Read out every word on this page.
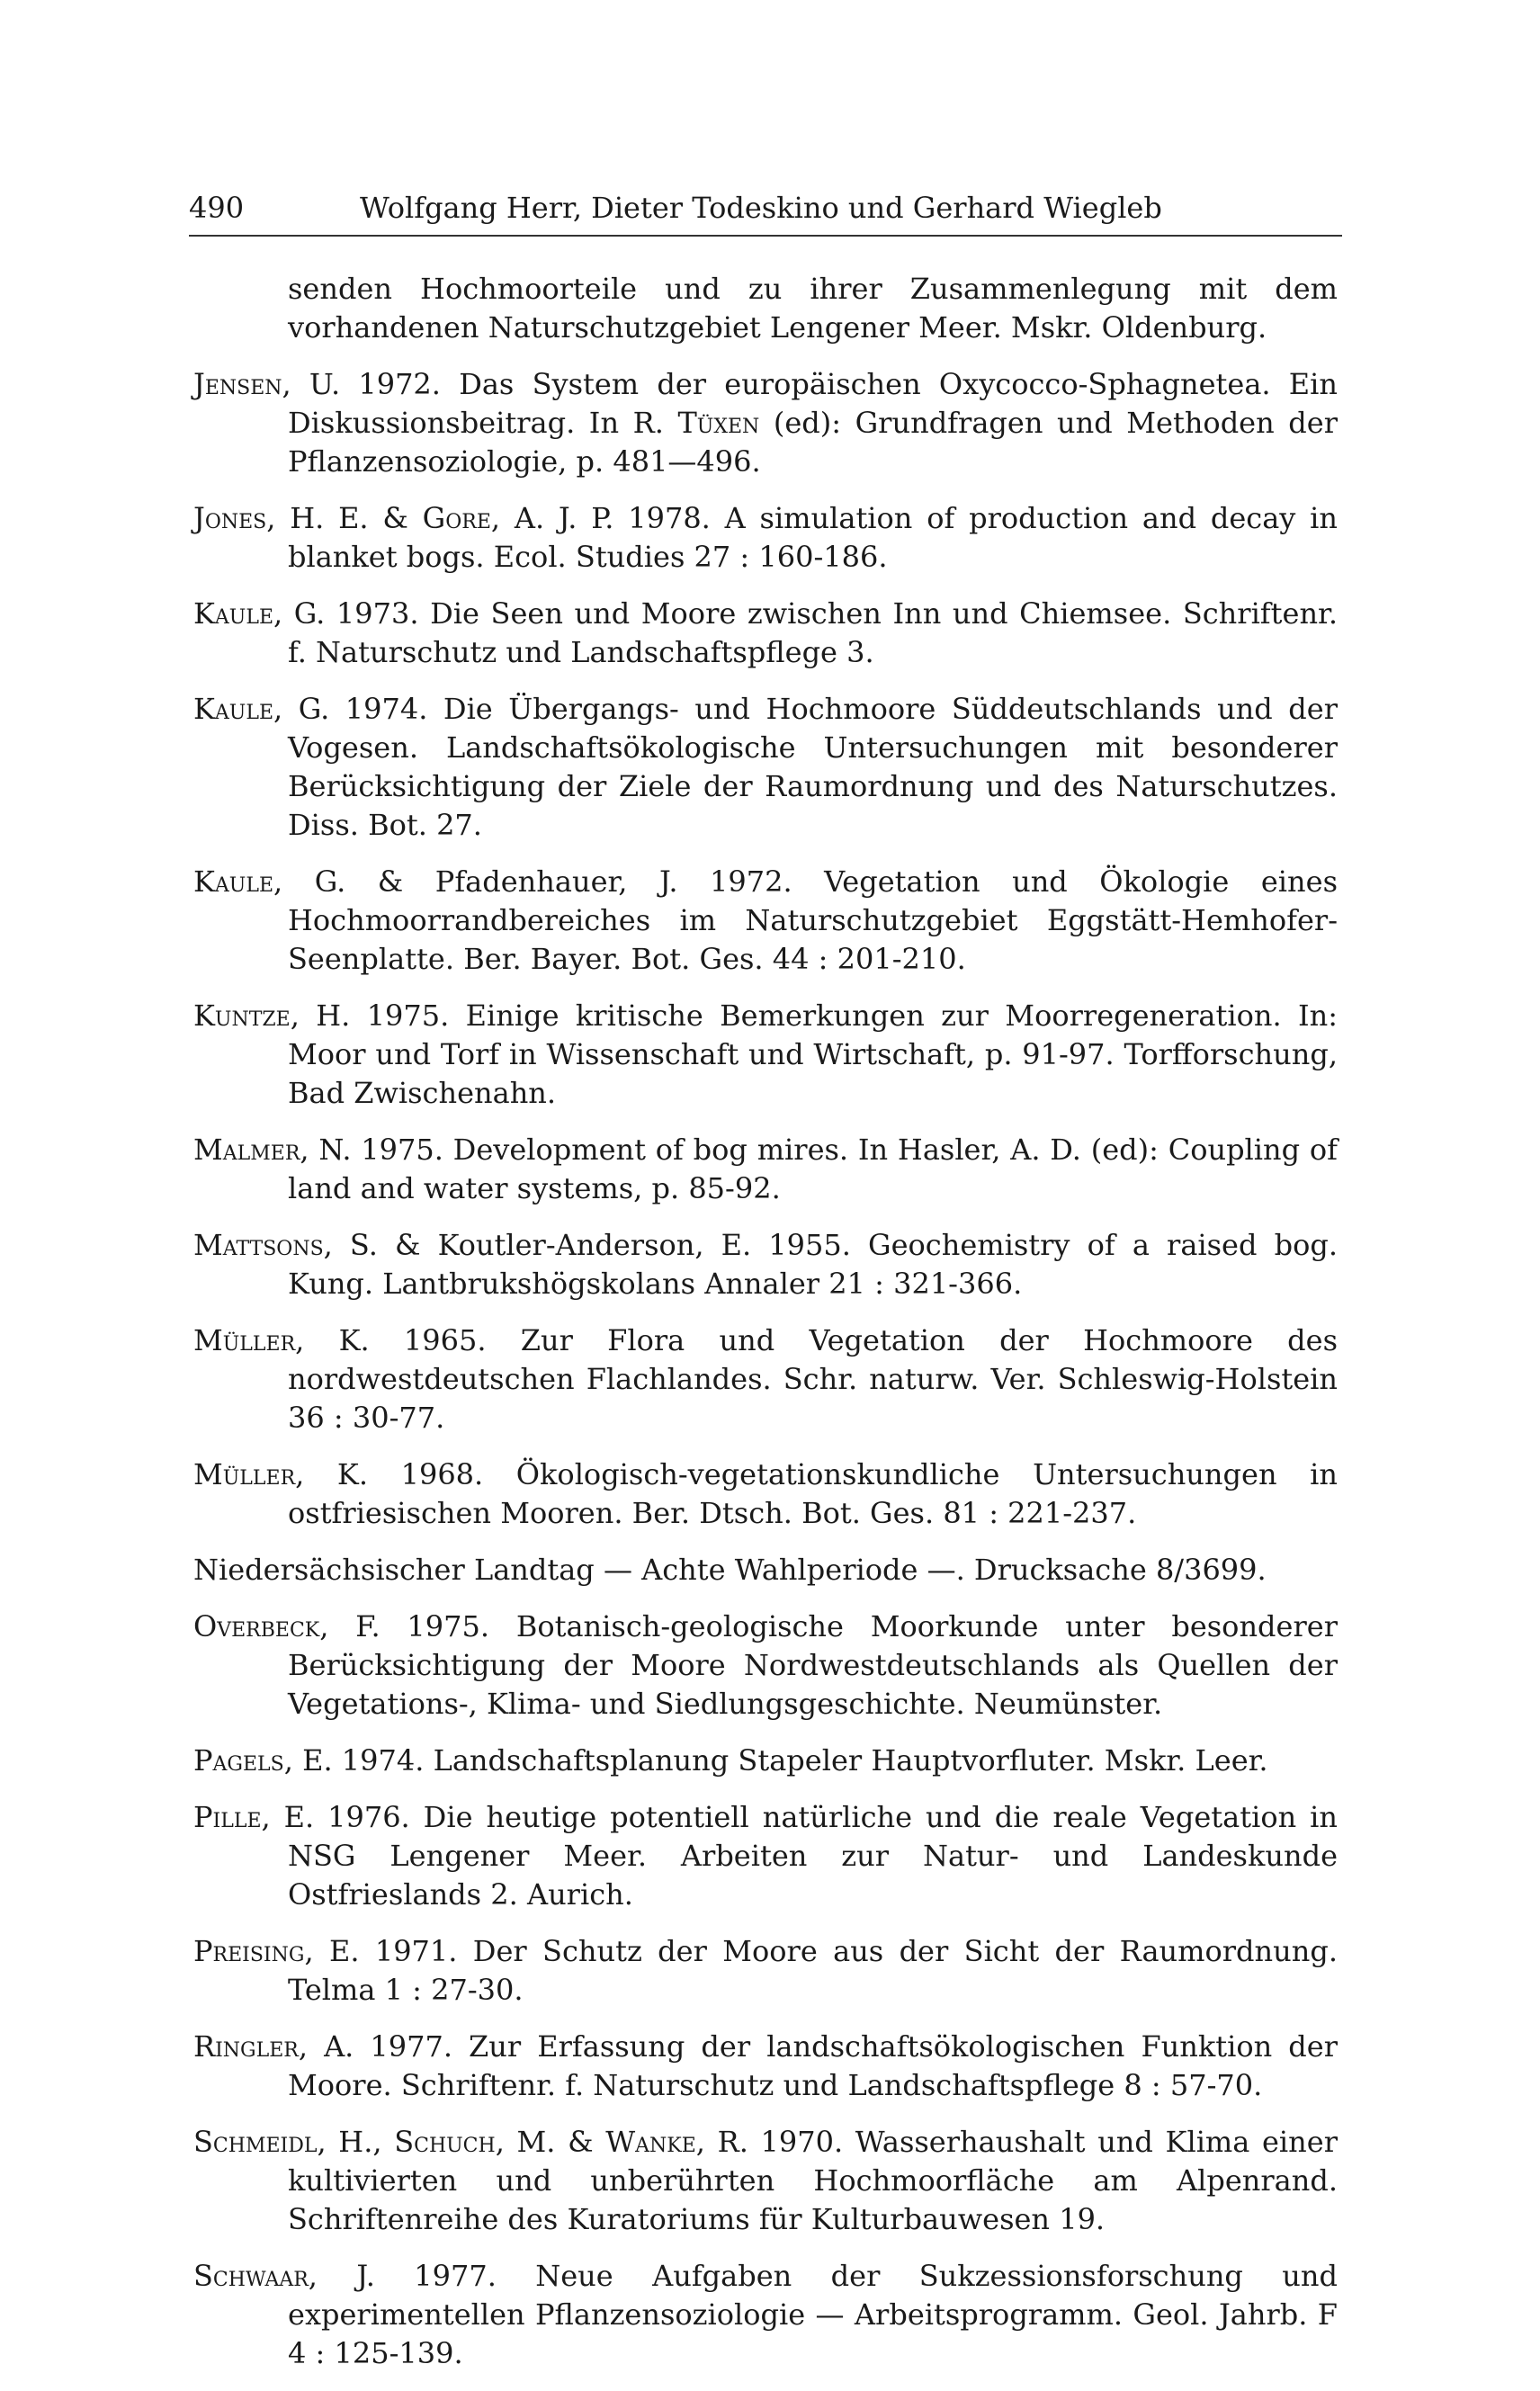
490	Wolfgang Herr, Dieter Todeskino und Gerhard Wiegleb
senden Hochmoorteile und zu ihrer Zusammenlegung mit dem vorhandenen Naturschutzgebiet Lengener Meer. Mskr. Oldenburg.
Jensen, U. 1972. Das System der europäischen Oxycocco-Sphagnetea. Ein Diskussionsbeitrag. In R. Tüxen (ed): Grundfragen und Methoden der Pflanzensoziologie, p. 481—496.
Jones, H. E. & Gore, A. J. P. 1978. A simulation of production and decay in blanket bogs. Ecol. Studies 27 : 160-186.
Kaule, G. 1973. Die Seen und Moore zwischen Inn und Chiemsee. Schriftenr. f. Naturschutz und Landschaftspflege 3.
Kaule, G. 1974. Die Übergangs- und Hochmoore Süddeutschlands und der Vogesen. Landschaftsökologische Untersuchungen mit besonderer Berücksichtigung der Ziele der Raumordnung und des Naturschutzes. Diss. Bot. 27.
Kaule, G. & Pfadenhauer, J. 1972. Vegetation und Ökologie eines Hochmoorrandbereiches im Naturschutzgebiet Eggstätt-Hemhofer-Seenplatte. Ber. Bayer. Bot. Ges. 44 : 201-210.
Kuntze, H. 1975. Einige kritische Bemerkungen zur Moorregeneration. In: Moor und Torf in Wissenschaft und Wirtschaft, p. 91-97. Torfforschung, Bad Zwischenahn.
Malmer, N. 1975. Development of bog mires. In Hasler, A. D. (ed): Coupling of land and water systems, p. 85-92.
Mattsons, S. & Koutler-Anderson, E. 1955. Geochemistry of a raised bog. Kung. Lantbrukshögskolans Annaler 21 : 321-366.
Müller, K. 1965. Zur Flora und Vegetation der Hochmoore des nordwestdeutschen Flachlandes. Schr. naturw. Ver. Schleswig-Holstein 36 : 30-77.
Müller, K. 1968. Ökologisch-vegetationskundliche Untersuchungen in ostfriesischen Mooren. Ber. Dtsch. Bot. Ges. 81 : 221-237.
Niedersächsischer Landtag — Achte Wahlperiode —. Drucksache 8/3699.
Overbeck, F. 1975. Botanisch-geologische Moorkunde unter besonderer Berücksichtigung der Moore Nordwestdeutschlands als Quellen der Vegetations-, Klima- und Siedlungsgeschichte. Neumünster.
Pagels, E. 1974. Landschaftsplanung Stapeler Hauptvorfluter. Mskr. Leer.
Pille, E. 1976. Die heutige potentiell natürliche und die reale Vegetation in NSG Lengener Meer. Arbeiten zur Natur- und Landeskunde Ostfrieslands 2. Aurich.
Preising, E. 1971. Der Schutz der Moore aus der Sicht der Raumordnung. Telma 1 : 27-30.
Ringler, A. 1977. Zur Erfassung der landschaftsökologischen Funktion der Moore. Schriftenr. f. Naturschutz und Landschaftspflege 8 : 57-70.
Schmeidl, H., Schuch, M. & Wanke, R. 1970. Wasserhaushalt und Klima einer kultivierten und unberührten Hochmoorfläche am Alpenrand. Schriftenreihe des Kuratoriums für Kulturbauwesen 19.
Schwaar, J. 1977. Neue Aufgaben der Sukzessionsforschung und experimentellen Pflanzensoziologie — Arbeitsprogramm. Geol. Jahrb. F 4 : 125-139.
